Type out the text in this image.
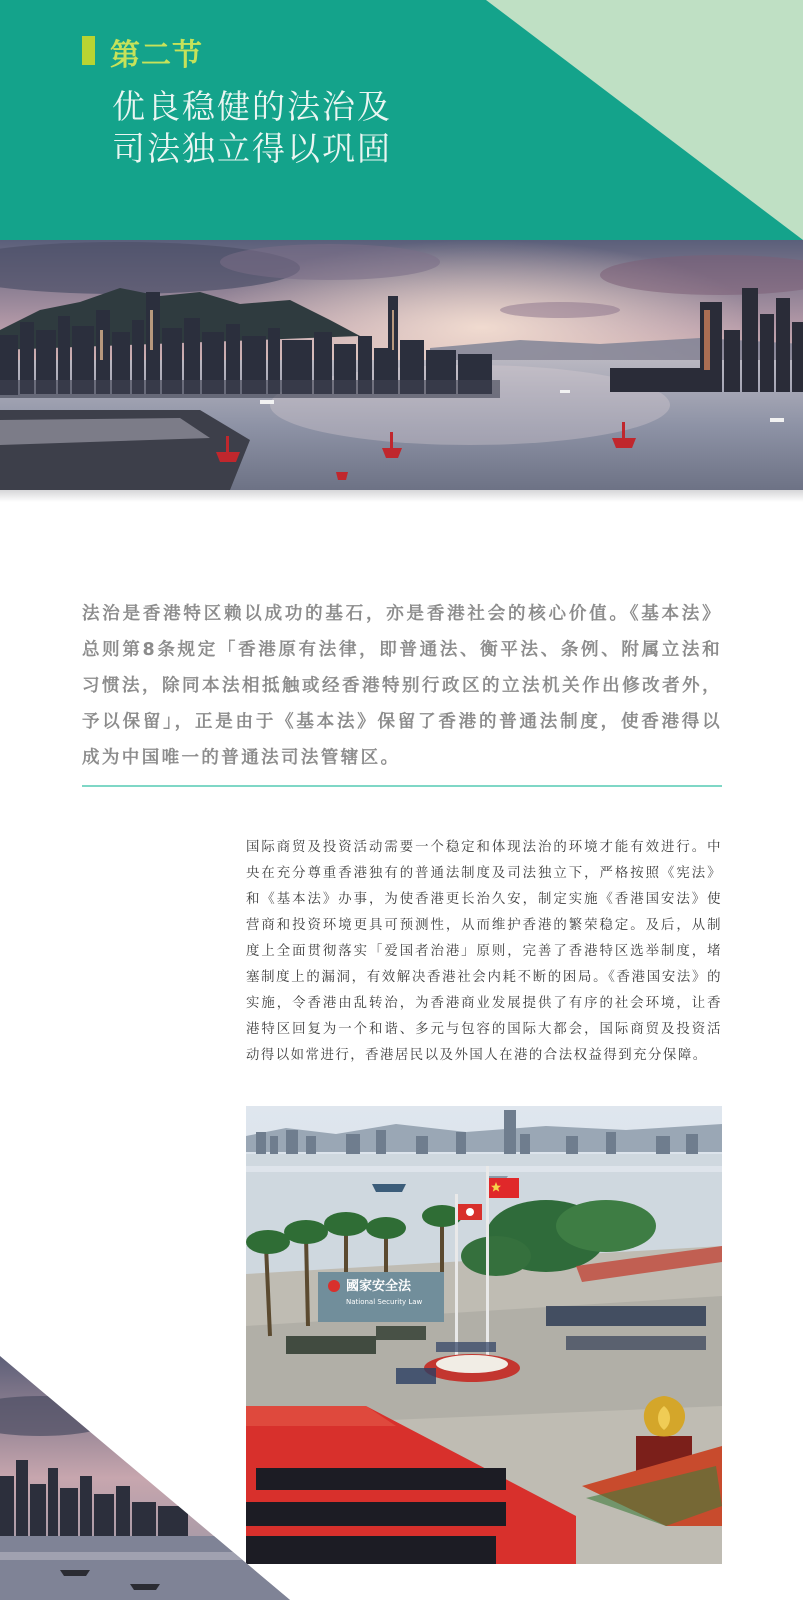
第二节
优良稳健的法治及
司法独立得以巩固

法治是香港特区赖以成功的基石，亦是香港社会的核心价值。《基本法》总则第8条规定「香港原有法律，即普通法、衡平法、条例、附属立法和习惯法，除同本法相抵触或经香港特别行政区的立法机关作出修改者外，予以保留」，正是由于《基本法》保留了香港的普通法制度，使香港得以成为中国唯一的普通法司法管辖区。

国际商贸及投资活动需要一个稳定和体现法治的环境才能有效进行。中央在充分尊重香港独有的普通法制度及司法独立下，严格按照《宪法》和《基本法》办事，为使香港更长治久安，制定实施《香港国安法》使营商和投资环境更具可预测性，从而维护香港的繁荣稳定。及后，从制度上全面贯彻落实「爱国者治港」原则，完善了香港特区选举制度，堵塞制度上的漏洞，有效解决香港社会内耗不断的困局。《香港国安法》的实施，令香港由乱转治，为香港商业发展提供了有序的社会环境，让香港特区回复为一个和谐、多元与包容的国际大都会，国际商贸及投资活动得以如常进行，香港居民以及外国人在港的合法权益得到充分保障。

國家安全法
National Security Law
